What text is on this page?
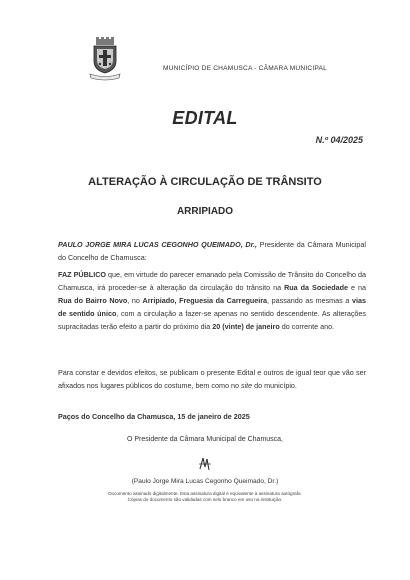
MUNICÍPIO DE CHAMUSCA - CÂMARA MUNICIPAL
EDITAL
N.º 04/2025
ALTERAÇÃO À CIRCULAÇÃO DE TRÂNSITO
ARRIPIADO
PAULO JORGE MIRA LUCAS CEGONHO QUEIMADO, Dr., Presidente da Câmara Municipal do Concelho de Chamusca:
FAZ PÚBLICO que, em virtude do parecer emanado pela Comissão de Trânsito do Concelho da Chamusca, irá proceder-se à alteração da circulação do trânsito na Rua da Sociedade e na Rua do Bairro Novo, no Arripiado, Freguesia da Carregueira, passando as mesmas a vias de sentido único, com a circulação a fazer-se apenas no sentido descendente. As alterações supracitadas terão efeito a partir do próximo dia 20 (vinte) de janeiro do corrente ano.
Para constar e devidos efeitos, se publicam o presente Edital e outros de igual teor que vão ser afixados nos lugares públicos do costume, bem como no site do município.
Paços do Concelho da Chamusca, 15 de janeiro de 2025
O Presidente da Câmara Municipal de Chamusca,
(Paulo Jorge Mira Lucas Cegonho Queimado, Dr.)
Documento assinado digitalmente. Esta assinatura digital é equivalente à assinatura autógrafa.
Cópias do documento são validadas com selo branco em uso na instituição.
